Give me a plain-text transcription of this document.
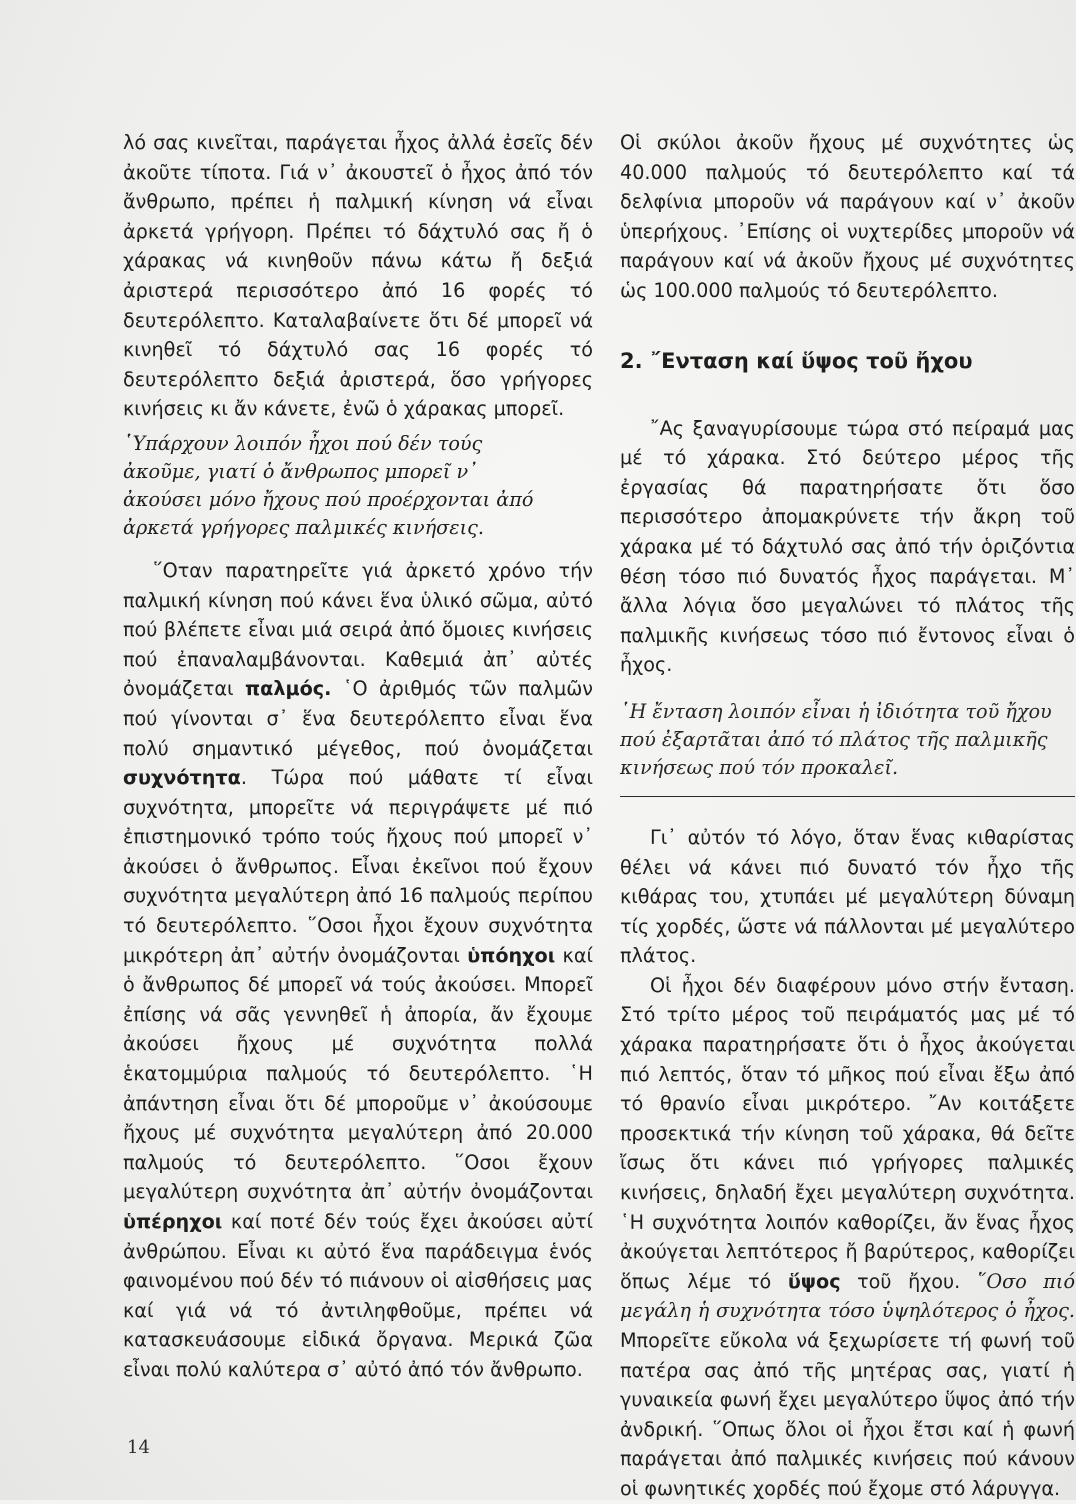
λό σας κινεῖται, παράγεται ἦχος ἀλλά ἐσεῖς δέν ἀκοῦτε τίποτα. Γιά ν᾽ ἀκουστεῖ ὁ ἦχος ἀπό τόν ἄνθρωπο, πρέπει ἡ παλμική κίνηση νά εἶναι ἀρκετά γρήγορη. Πρέπει τό δάχτυλό σας ἤ ὁ χάρακας νά κινηθοῦν πάνω κάτω ἤ δεξιά ἀριστερά περισσότερο ἀπό 16 φορές τό δευτερόλεπτο. Καταλαβαίνετε ὅτι δέ μπορεῖ νά κινηθεῖ τό δάχτυλό σας 16 φορές τό δευτερόλεπτο δεξιά ἀριστερά, ὅσο γρήγορες κινήσεις κι ἄν κάνετε, ἐνῶ ὁ χάρακας μπορεῖ.

῾Υπάρχουν λοιπόν ἦχοι πού δέν τούς ἀκοῦμε, γιατί ὁ ἄνθρωπος μπορεῖ ν᾽ ἀκούσει μόνο ἤχους πού προέρχονται ἀπό ἀρκετά γρήγορες παλμικές κινήσεις.

῞Οταν παρατηρεῖτε γιά ἀρκετό χρόνο τήν παλμική κίνηση πού κάνει ἕνα ὑλικό σῶμα, αὐτό πού βλέπετε εἶναι μιά σειρά ἀπό ὅμοιες κινήσεις πού ἐπαναλαμβάνονται. Καθεμιά ἀπ᾽ αὐτές ὀνομάζεται παλμός. ῾Ο ἀριθμός τῶν παλμῶν πού γίνονται σ᾽ ἕνα δευτερόλεπτο εἶναι ἕνα πολύ σημαντικό μέγεθος, πού ὀνομάζεται συχνότητα. Τώρα πού μάθατε τί εἶναι συχνότητα, μπορεῖτε νά περιγράψετε μέ πιό ἐπιστημονικό τρόπο τούς ἤχους πού μπορεῖ ν᾽ ἀκούσει ὁ ἄνθρωπος. Εἶναι ἐκεῖνοι πού ἔχουν συχνότητα μεγαλύτερη ἀπό 16 παλμούς περίπου τό δευτερόλεπτο. ῞Οσοι ἦχοι ἔχουν συχνότητα μικρότερη ἀπ᾽ αὐτήν ὀνομάζονται ὑπόηχοι καί ὁ ἄνθρωπος δέ μπορεῖ νά τούς ἀκούσει. Μπορεῖ ἐπίσης νά σᾶς γεννηθεῖ ἡ ἀπορία, ἄν ἔχουμε ἀκούσει ἤχους μέ συχνότητα πολλά ἑκατομμύρια παλμούς τό δευτερόλεπτο. ῾Η ἀπάντηση εἶναι ὅτι δέ μποροῦμε ν᾽ ἀκούσουμε ἤχους μέ συχνότητα μεγαλύτερη ἀπό 20.000 παλμούς τό δευτερόλεπτο. ῞Οσοι ἔχουν μεγαλύτερη συχνότητα ἀπ᾽ αὐτήν ὀνομάζονται ὑπέρηχοι καί ποτέ δέν τούς ἔχει ἀκούσει αὐτί ἀνθρώπου. Εἶναι κι αὐτό ἕνα παράδειγμα ἑνός φαινομένου πού δέν τό πιάνουν οἱ αἰσθήσεις μας καί γιά νά τό ἀντιληφθοῦμε, πρέπει νά κατασκευάσουμε εἰδικά ὄργανα. Μερικά ζῶα εἶναι πολύ καλύτερα σ᾽ αὐτό ἀπό τόν ἄνθρωπο.

Οἱ σκύλοι ἀκοῦν ἤχους μέ συχνότητες ὡς 40.000 παλμούς τό δευτερόλεπτο καί τά δελφίνια μποροῦν νά παράγουν καί ν᾽ ἀκοῦν ὑπερήχους. ᾿Επίσης οἱ νυχτερίδες μποροῦν νά παράγουν καί νά ἀκοῦν ἤχους μέ συχνότητες ὡς 100.000 παλμούς τό δευτερόλεπτο.

2. ῎Ενταση καί ὕψος τοῦ ἤχου

῎Ας ξαναγυρίσουμε τώρα στό πείραμά μας μέ τό χάρακα. Στό δεύτερο μέρος τῆς ἐργασίας θά παρατηρήσατε ὅτι ὅσο περισσότερο ἀπομακρύνετε τήν ἄκρη τοῦ χάρακα μέ τό δάχτυλό σας ἀπό τήν ὁριζόντια θέση τόσο πιό δυνατός ἦχος παράγεται. Μ᾽ ἄλλα λόγια ὅσο μεγαλώνει τό πλάτος τῆς παλμικῆς κινήσεως τόσο πιό ἔντονος εἶναι ὁ ἦχος.

῾Η ἔνταση λοιπόν εἶναι ἡ ἰδιότητα τοῦ ἤχου πού ἐξαρτᾶται ἀπό τό πλάτος τῆς παλμικῆς κινήσεως πού τόν προκαλεῖ.

Γι᾽ αὐτόν τό λόγο, ὅταν ἕνας κιθαρίστας θέλει νά κάνει πιό δυνατό τόν ἦχο τῆς κιθάρας του, χτυπάει μέ μεγαλύτερη δύναμη τίς χορδές, ὥστε νά πάλλονται μέ μεγαλύτερο πλάτος.

Οἱ ἦχοι δέν διαφέρουν μόνο στήν ἔνταση. Στό τρίτο μέρος τοῦ πειράματός μας μέ τό χάρακα παρατηρήσατε ὅτι ὁ ἦχος ἀκούγεται πιό λεπτός, ὅταν τό μῆκος πού εἶναι ἔξω ἀπό τό θρανίο εἶναι μικρότερο. ῎Αν κοιτάξετε προσεκτικά τήν κίνηση τοῦ χάρακα, θά δεῖτε ἴσως ὅτι κάνει πιό γρήγορες παλμικές κινήσεις, δηλαδή ἔχει μεγαλύτερη συχνότητα. ῾Η συχνότητα λοιπόν καθορίζει, ἄν ἕνας ἦχος ἀκούγεται λεπτότερος ἤ βαρύτερος, καθορίζει ὅπως λέμε τό ὕψος τοῦ ἤχου. ῞Οσο πιό μεγάλη ἡ συχνότητα τόσο ὑψηλότερος ὁ ἦχος. Μπορεῖτε εὔκολα νά ξεχωρίσετε τή φωνή τοῦ πατέρα σας ἀπό τῆς μητέρας σας, γιατί ἡ γυναικεία φωνή ἔχει μεγαλύτερο ὕψος ἀπό τήν ἀνδρική. ῞Οπως ὅλοι οἱ ἦχοι ἔτσι καί ἡ φωνή παράγεται ἀπό παλμικές κινήσεις πού κάνουν οἱ φωνητικές χορδές πού ἔχομε στό λάρυγγα.

14
